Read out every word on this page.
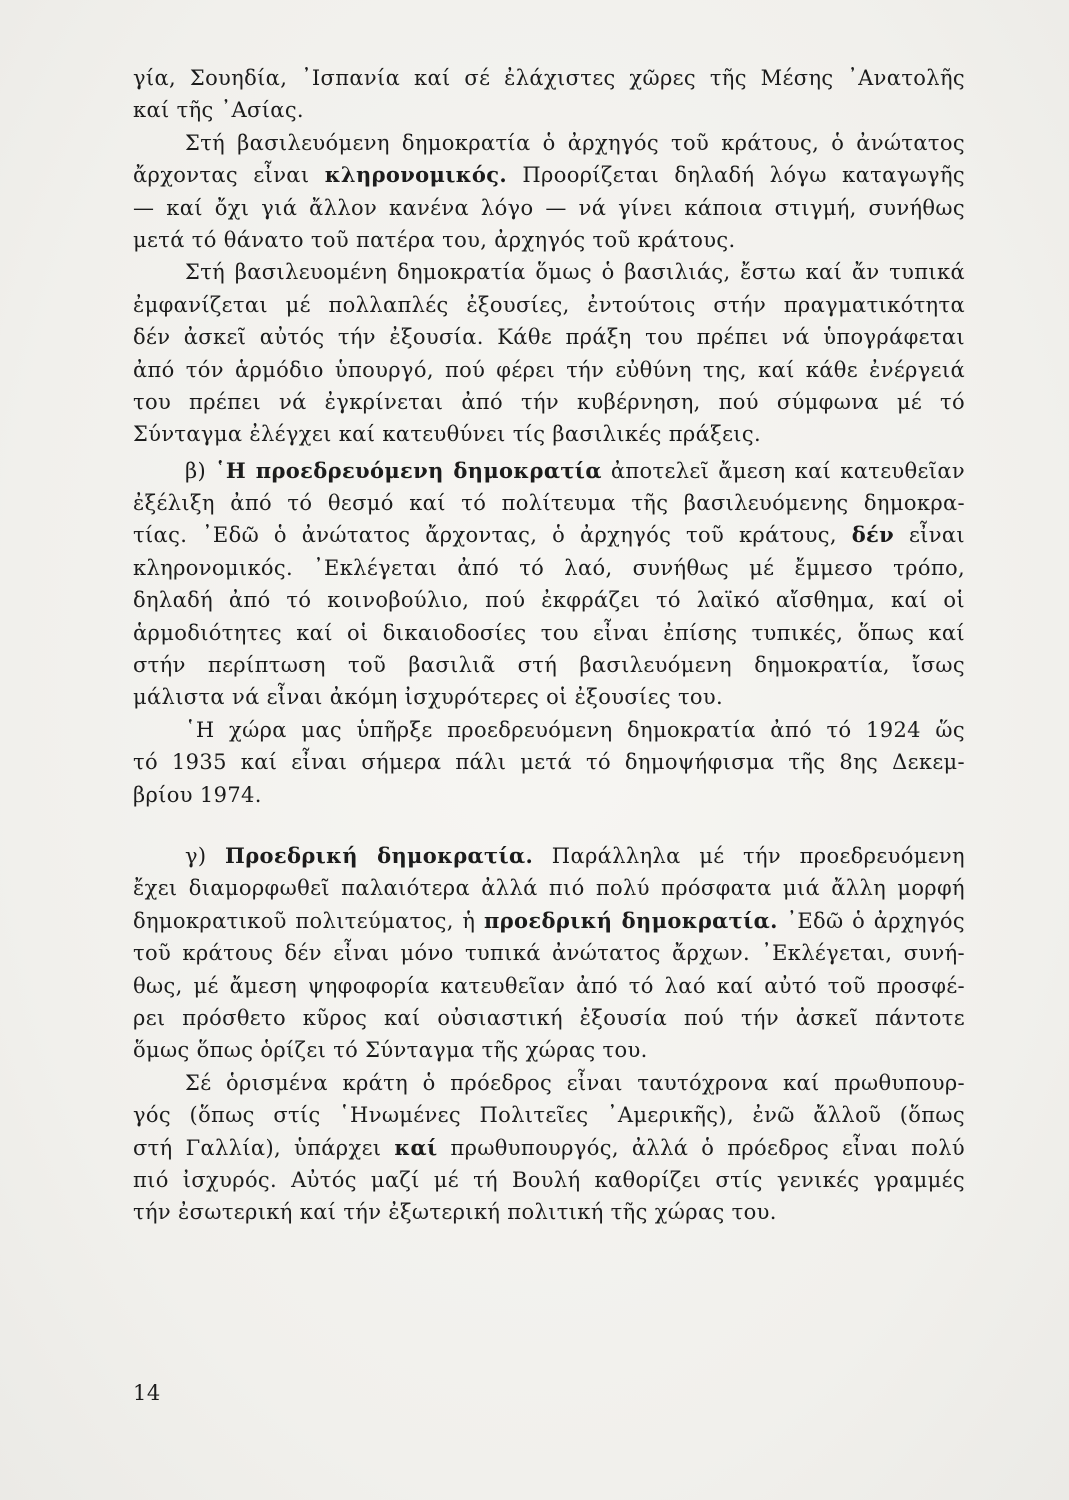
γία, Σουηδία, ᾿Ισπανία καί σέ ἐλάχιστες χῶρες τῆς Μέσης ᾿Ανατολῆς
καί τῆς ᾿Ασίας.
Στή βασιλευόμενη δημοκρατία ὁ ἀρχηγός τοῦ κράτους, ὁ ἀνώτατος
ἄρχοντας εἶναι κληρονομικός. Προορίζεται δηλαδή λόγω καταγωγῆς
— καί ὄχι γιά ἄλλον κανένα λόγο — νά γίνει κάποια στιγμή, συνήθως
μετά τό θάνατο τοῦ πατέρα του, ἀρχηγός τοῦ κράτους.
Στή βασιλευομένη δημοκρατία ὅμως ὁ βασιλιάς, ἔστω καί ἄν τυπικά
ἐμφανίζεται μέ πολλαπλές ἐξουσίες, ἐντούτοις στήν πραγματικότητα
δέν ἀσκεῖ αὐτός τήν ἐξουσία. Κάθε πράξη του πρέπει νά ὑπογράφεται
ἀπό τόν ἁρμόδιο ὑπουργό, πού φέρει τήν εὐθύνη της, καί κάθε ἐνέργειά
του πρέπει νά ἐγκρίνεται ἀπό τήν κυβέρνηση, πού σύμφωνα μέ τό
Σύνταγμα ἐλέγχει καί κατευθύνει τίς βασιλικές πράξεις.
β) ῾Η προεδρευόμενη δημοκρατία ἀποτελεῖ ἄμεση καί κατευθεῖαν
ἐξέλιξη ἀπό τό θεσμό καί τό πολίτευμα τῆς βασιλευόμενης δημοκρα-
τίας. ᾿Εδῶ ὁ ἀνώτατος ἄρχοντας, ὁ ἀρχηγός τοῦ κράτους, δέν εἶναι
κληρονομικός. ᾿Εκλέγεται ἀπό τό λαό, συνήθως μέ ἔμμεσο τρόπο,
δηλαδή ἀπό τό κοινοβούλιο, πού ἐκφράζει τό λαϊκό αἴσθημα, καί οἱ
ἁρμοδιότητες καί οἱ δικαιοδοσίες του εἶναι ἐπίσης τυπικές, ὅπως καί
στήν περίπτωση τοῦ βασιλιᾶ στή βασιλευόμενη δημοκρατία, ἴσως
μάλιστα νά εἶναι ἀκόμη ἰσχυρότερες οἱ ἐξουσίες του.
῾Η χώρα μας ὑπῆρξε προεδρευόμενη δημοκρατία ἀπό τό 1924 ὥς
τό 1935 καί εἶναι σήμερα πάλι μετά τό δημοψήφισμα τῆς 8ης Δεκεμ-
βρίου 1974.
γ) Προεδρική δημοκρατία. Παράλληλα μέ τήν προεδρευόμενη
ἔχει διαμορφωθεῖ παλαιότερα ἀλλά πιό πολύ πρόσφατα μιά ἄλλη μορφή
δημοκρατικοῦ πολιτεύματος, ἡ προεδρική δημοκρατία. ᾿Εδῶ ὁ ἀρχηγός
τοῦ κράτους δέν εἶναι μόνο τυπικά ἀνώτατος ἄρχων. ᾿Εκλέγεται, συνή-
θως, μέ ἄμεση ψηφοφορία κατευθεῖαν ἀπό τό λαό καί αὐτό τοῦ προσφέ-
ρει πρόσθετο κῦρος καί οὐσιαστική ἐξουσία πού τήν ἀσκεῖ πάντοτε
ὅμως ὅπως ὁρίζει τό Σύνταγμα τῆς χώρας του.
Σέ ὁρισμένα κράτη ὁ πρόεδρος εἶναι ταυτόχρονα καί πρωθυπουρ-
γός (ὅπως στίς ῾Ηνωμένες Πολιτεῖες ᾿Αμερικῆς), ἐνῶ ἄλλοῦ (ὅπως
στή Γαλλία), ὑπάρχει καί πρωθυπουργός, ἀλλά ὁ πρόεδρος εἶναι πολύ
πιό ἰσχυρός. Αὐτός μαζί μέ τή Βουλή καθορίζει στίς γενικές γραμμές
τήν ἐσωτερική καί τήν ἐξωτερική πολιτική τῆς χώρας του.
14
